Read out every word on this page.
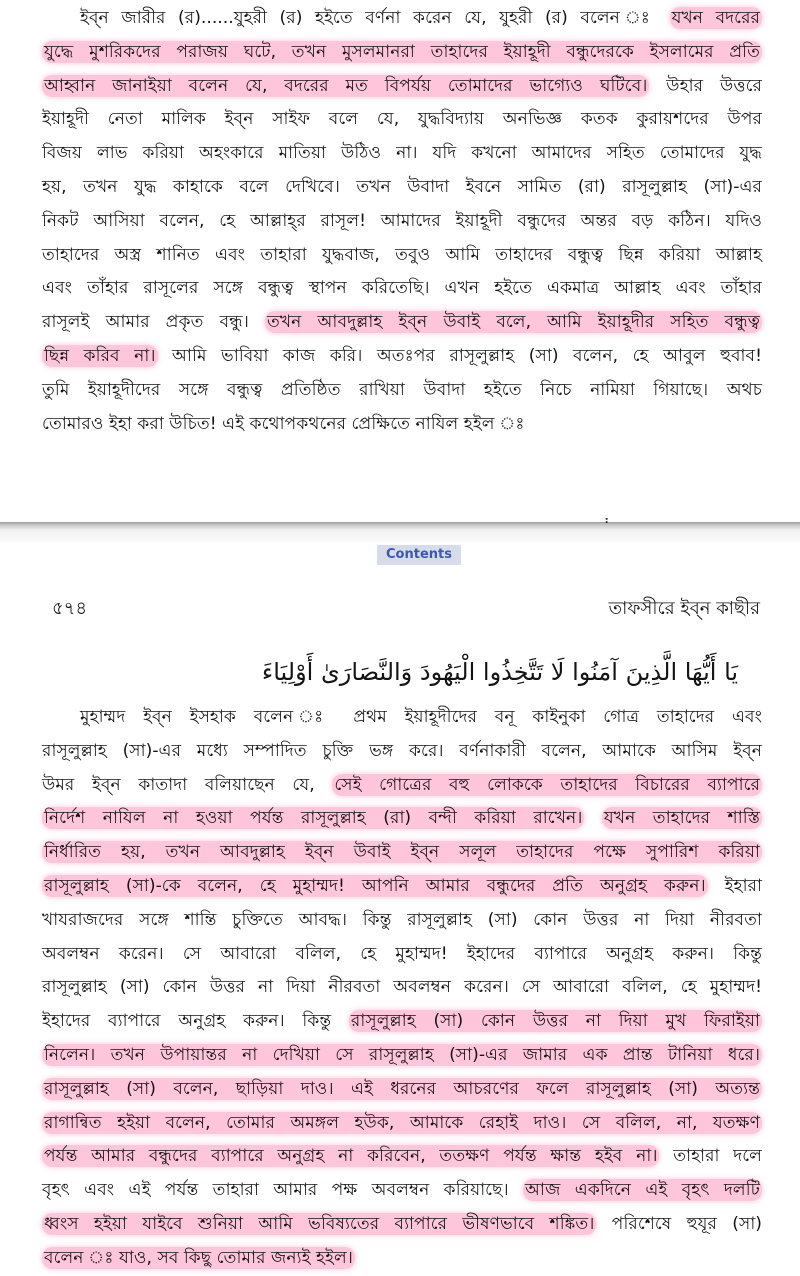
ইব্‌ন জারীর (র)......যুহরী (র) হইতে বর্ণনা করেন যে, যুহরী (র) বলেন ঃ যখন বদরের
যুদ্ধে মুশরিকদের পরাজয় ঘটে, তখন মুসলমানরা তাহাদের ইয়াহূদী বন্ধুদেরকে ইসলামের প্রতি
আহ্বান জানাইয়া বলেন যে, বদরের মত বিপর্যয় তোমাদের ভাগ্যেও ঘটিবে। উহার উত্তরে
ইয়াহূদী নেতা মালিক ইব্‌ন সাইফ বলে যে, যুদ্ধবিদ্যায় অনভিজ্ঞ কতক কুরায়শদের উপর
বিজয় লাভ করিয়া অহংকারে মাতিয়া উঠিও না। যদি কখনো আমাদের সহিত তোমাদের যুদ্ধ
হয়, তখন যুদ্ধ কাহাকে বলে দেখিবে। তখন উবাদা ইবনে সামিত (রা) রাসূলুল্লাহ (সা)-এর
নিকট আসিয়া বলেন, হে আল্লাহ্‌র রাসূল! আমাদের ইয়াহূদী বন্ধুদের অন্তর বড় কঠিন। যদিও
তাহাদের অস্ত্র শানিত এবং তাহারা যুদ্ধবাজ, তবুও আমি তাহাদের বন্ধুত্ব ছিন্ন করিয়া আল্লাহ
এবং তাঁহার রাসূলের সঙ্গে বন্ধুত্ব স্থাপন করিতেছি। এখন হইতে একমাত্র আল্লাহ এবং তাঁহার
রাসূলই আমার প্রকৃত বন্ধু। তখন আবদুল্লাহ ইব্‌ন উবাই বলে, আমি ইয়াহূদীর সহিত বন্ধুত্ব
ছিন্ন করিব না। আমি ভাবিয়া কাজ করি। অতঃপর রাসূলুল্লাহ (সা) বলেন, হে আবুল হুবাব!
তুমি ইয়াহূদীদের সঙ্গে বন্ধুত্ব প্রতিষ্ঠিত রাখিয়া উবাদা হইতে নিচে নামিয়া গিয়াছে। অথচ
তোমারও ইহা করা উচিত! এই কথোপকথনের প্রেক্ষিতে নাযিল হইল ঃ
⠆
Contents
মুহাম্মদ ইব্‌ন ইসহাক বলেন ঃ প্রথম ইয়াহূদীদের বনূ কাইনুকা গোত্র তাহাদের এবং
রাসূলুল্লাহ (সা)-এর মধ্যে সম্পাদিত চুক্তি ভঙ্গ করে। বর্ণনাকারী বলেন, আমাকে আসিম ইব্‌ন
উমর ইব্‌ন কাতাদা বলিয়াছেন যে, সেই গোত্রের বহু লোককে তাহাদের বিচারের ব্যাপারে
নির্দেশ নাযিল না হওয়া পর্যন্ত রাসূলুল্লাহ (রা) বন্দী করিয়া রাখেন। যখন তাহাদের শাস্তি
নির্ধারিত হয়, তখন আবদুল্লাহ ইব্‌ন উবাই ইব্‌ন সলূল তাহাদের পক্ষে সুপারিশ করিয়া
রাসূলুল্লাহ (সা)-কে বলেন, হে মুহাম্মদ! আপনি আমার বন্ধুদের প্রতি অনুগ্রহ করুন। ইহারা
খাযরাজদের সঙ্গে শান্তি চুক্তিতে আবদ্ধ। কিন্তু রাসূলুল্লাহ (সা) কোন উত্তর না দিয়া নীরবতা
অবলম্বন করেন। সে আবারো বলিল, হে মুহাম্মদ! ইহাদের ব্যাপারে অনুগ্রহ করুন। কিন্তু
রাসূলুল্লাহ (সা) কোন উত্তর না দিয়া নীরবতা অবলম্বন করেন। সে আবারো বলিল, হে মুহাম্মদ!
ইহাদের ব্যাপারে অনুগ্রহ করুন। কিন্তু রাসূলুল্লাহ (সা) কোন উত্তর না দিয়া মুখ ফিরাইয়া
নিলেন। তখন উপায়ান্তর না দেখিয়া সে রাসূলুল্লাহ (সা)-এর জামার এক প্রান্ত টানিয়া ধরে।
রাসূলুল্লাহ (সা) বলেন, ছাড়িয়া দাও। এই ধরনের আচরণের ফলে রাসূলুল্লাহ (সা) অত্যন্ত
রাগান্বিত হইয়া বলেন, তোমার অমঙ্গল হউক, আমাকে রেহাই দাও। সে বলিল, না, যতক্ষণ
পর্যন্ত আমার বন্ধুদের ব্যাপারে অনুগ্রহ না করিবেন, ততক্ষণ পর্যন্ত ক্ষান্ত হইব না। তাহারা দলে
বৃহৎ এবং এই পর্যন্ত তাহারা আমার পক্ষ অবলম্বন করিয়াছে। আজ একদিনে এই বৃহৎ দলটি
ধ্বংস হইয়া যাইবে শুনিয়া আমি ভবিষ্যতের ব্যাপারে ভীষণভাবে শঙ্কিত। পরিশেষে হুযূর (সা)
বলেন ঃ যাও, সব কিছু তোমার জন্যই হইল।
৫৭৪	তাফসীরে ইব্‌ন কাছীর
يَا أَيُّهَا الَّذِينَ آمَنُوا لَا تَتَّخِذُوا الْيَهُودَ وَالنَّصَارَىٰ أَوْلِيَاءَ
